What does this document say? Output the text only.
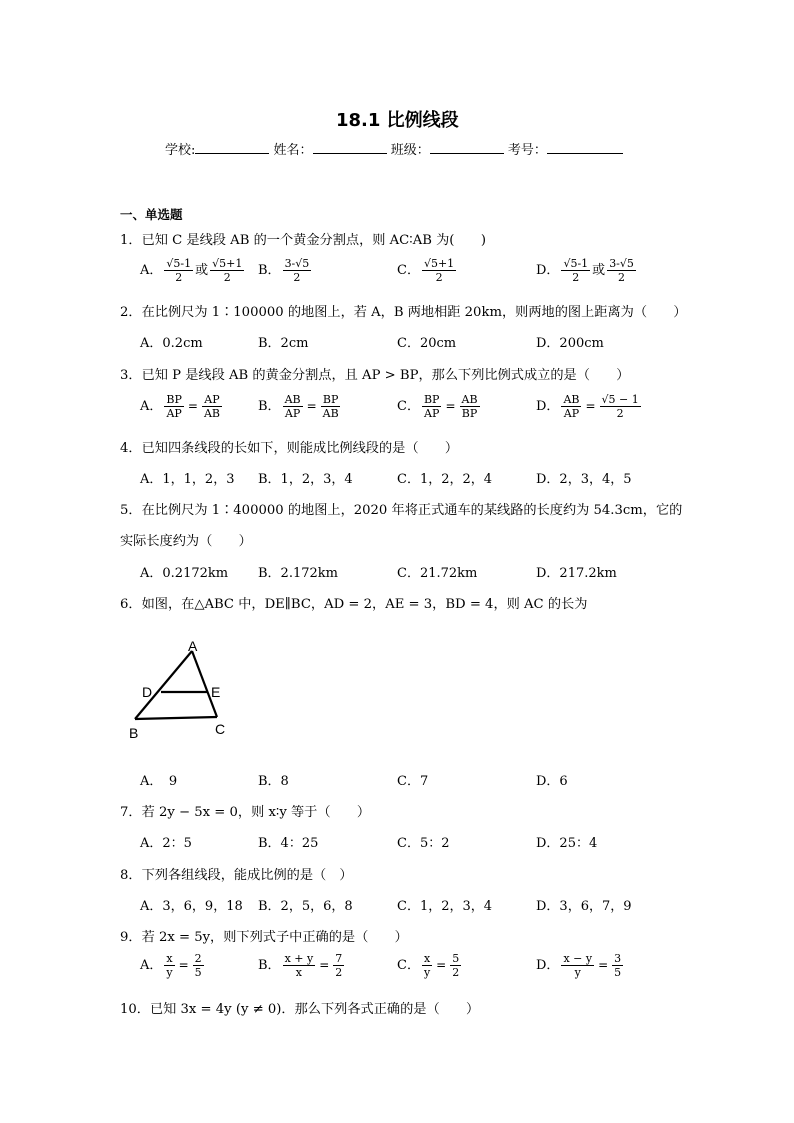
18.1 比例线段
学校:	姓名：	班级：	考号：
一、单选题
1．已知 C 是线段 AB 的一个黄金分割点，则 AC∶AB 为(　　)
A． $\frac{√5-1}{2}$ 或 $\frac{√5+1}{2}$ B． $\frac{3-√5}{2}$	C． $\frac{√5+1}{2}$	D． $\frac{√5-1}{2}$ 或 $\frac{3-√5}{2}$
2．在比例尺为 1∶100000 的地图上，若 A，B 两地相距 20km，则两地的图上距离为（　　）
A．0.2cm	B．2cm	C．20cm	D．200cm
3．已知 P 是线段 AB 的黄金分割点，且 AP > BP，那么下列比例式成立的是（　　）
A． $\frac{BP}{AP} = \frac{AP}{AB}$	B． $\frac{AB}{AP} = \frac{BP}{AB}$	C． $\frac{BP}{AP} = \frac{AB}{BP}$	D． $\frac{AB}{AP} = \frac{√5 - 1}{2}$
4．已知四条线段的长如下，则能成比例线段的是（　　）
A．1，1，2，3 B．1，2，3，4	C．1，2，2，4	D．2，3，4，5
5．在比例尺为 1∶400000 的地图上，2020 年将正式通车的某线路的长度约为 54.3cm，它的
实际长度约为（　　）
A．0.2172km B．2.172km	C．21.72km	D．217.2km
6．如图，在△ABC 中，DE∥BC，AD = 2，AE = 3，BD = 4，则 AC 的长为
A
D	E
B	C
A．　9	B．8	C．7	D．6
7．若 2y − 5x = 0，则 x∶y 等于（　　）
A．2：5	B．4：25	C．5：2	D．25：4
8．下列各组线段，能成比例的是（　）
A．3，6，9，18 B．2，5，6，8	C．1，2，3，4	D．3，6，7，9
9．若 2x = 5y，则下列式子中正确的是（　　）
A． $\frac{x}{y} = \frac{2}{5}$	B． $\frac{x + y}{x} = \frac{7}{2}$	C． $\frac{x}{y} = \frac{5}{2}$	D． $\frac{x - y}{y} = \frac{3}{5}$
10．已知 3x = 4y (y ≠ 0)．那么下列各式正确的是（　　）
